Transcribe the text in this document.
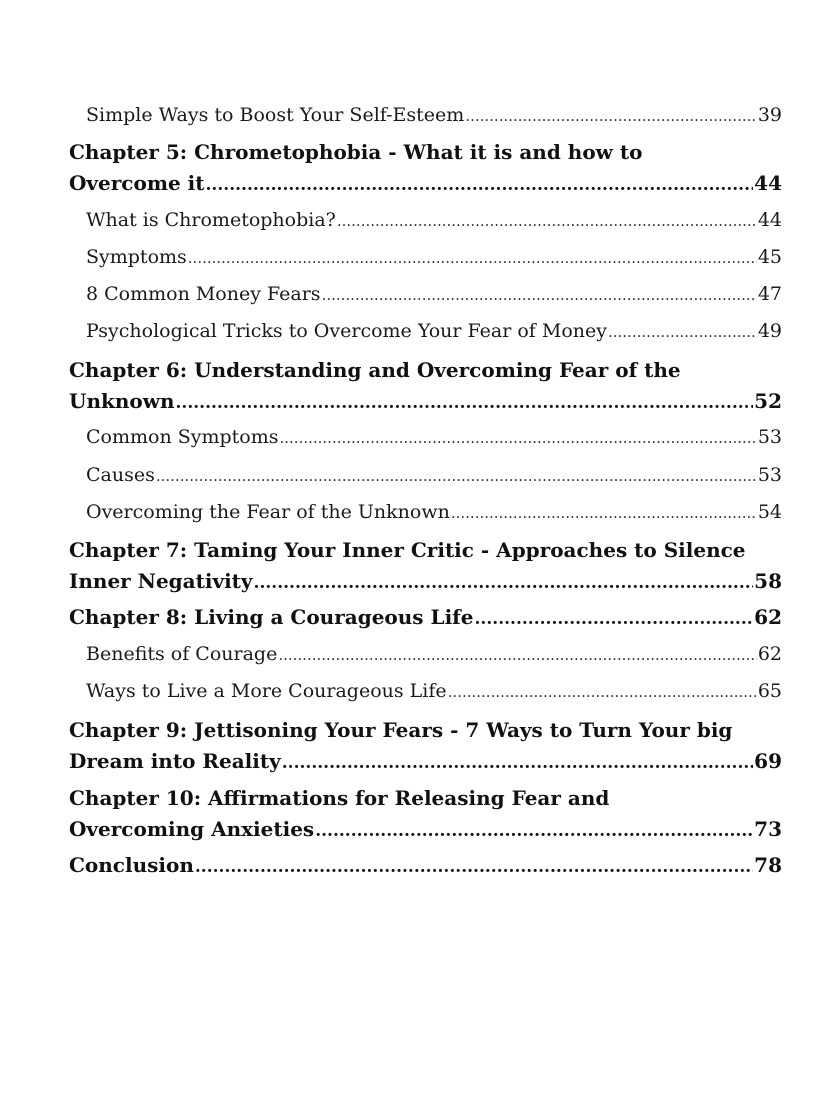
Simple Ways to Boost Your Self-Esteem .....	39
Chapter 5: Chrometophobia - What it is and how to
Overcome it .....	44
What is Chrometophobia? .....	44
Symptoms .....	45
8 Common Money Fears .....	47
Psychological Tricks to Overcome Your Fear of Money .....	49
Chapter 6: Understanding and Overcoming Fear of the
Unknown .....	52
Common Symptoms .....	53
Causes .....	53
Overcoming the Fear of the Unknown .....	54
Chapter 7: Taming Your Inner Critic - Approaches to Silence
Inner Negativity .....	58
Chapter 8: Living a Courageous Life .....	62
Benefits of Courage .....	62
Ways to Live a More Courageous Life .....	65
Chapter 9: Jettisoning Your Fears - 7 Ways to Turn Your big
Dream into Reality .....	69
Chapter 10: Affirmations for Releasing Fear and
Overcoming Anxieties .....	73
Conclusion .....	78
